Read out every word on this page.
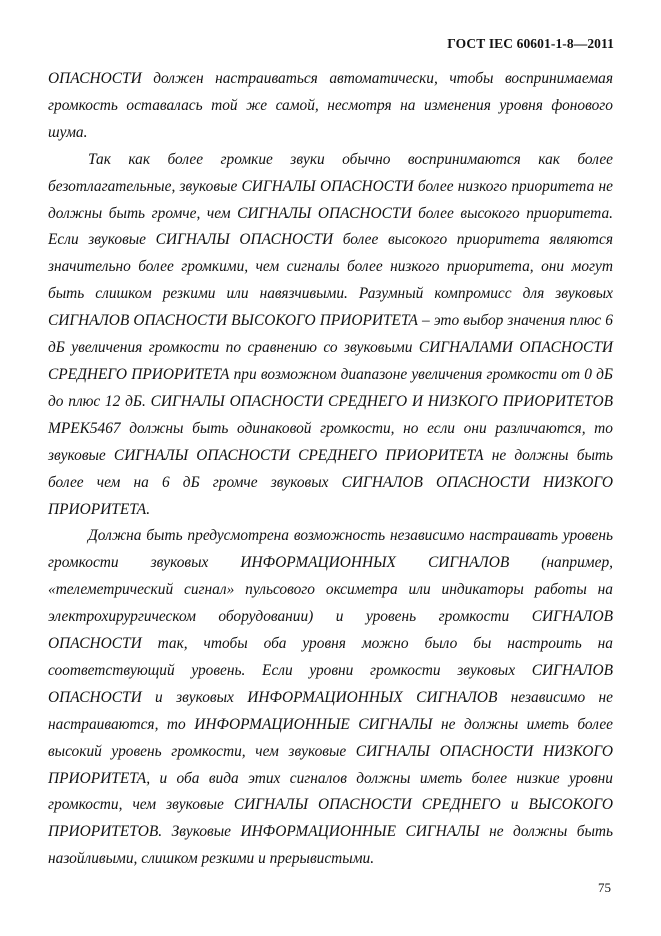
ГОСТ IEC 60601-1-8—2011

ОПАСНОСТИ должен настраиваться автоматически, чтобы воспринимаемая громкость оставалась той же самой, несмотря на изменения уровня фонового шума.

Так как более громкие звуки обычно воспринимаются как более безотлагательные, звуковые СИГНАЛЫ ОПАСНОСТИ более низкого приоритета не должны быть громче, чем СИГНАЛЫ ОПАСНОСТИ более высокого приоритета. Если звуковые СИГНАЛЫ ОПАСНОСТИ более высокого приоритета являются значительно более громкими, чем сигналы более низкого приоритета, они могут быть слишком резкими или навязчивыми. Разумный компромисс для звуковых СИГНАЛОВ ОПАСНОСТИ ВЫСОКОГО ПРИОРИТЕТА – это выбор значения плюс 6 дБ увеличения громкости по сравнению со звуковыми СИГНАЛАМИ ОПАСНОСТИ СРЕДНЕГО ПРИОРИТЕТА при возможном диапазоне увеличения громкости от 0 дБ до плюс 12 дБ. СИГНАЛЫ ОПАСНОСТИ СРЕДНЕГО И НИЗКОГО ПРИОРИТЕТОВ МРЕК5467 должны быть одинаковой громкости, но если они различаются, то звуковые СИГНАЛЫ ОПАСНОСТИ СРЕДНЕГО ПРИОРИТЕТА не должны быть более чем на 6 дБ громче звуковых СИГНАЛОВ ОПАСНОСТИ НИЗКОГО ПРИОРИТЕТА.

Должна быть предусмотрена возможность независимо настраивать уровень громкости звуковых ИНФОРМАЦИОННЫХ СИГНАЛОВ (например, «телеметрический сигнал» пульсового оксиметра или индикаторы работы на электрохирургическом оборудовании) и уровень громкости СИГНАЛОВ ОПАСНОСТИ так, чтобы оба уровня можно было бы настроить на соответствующий уровень. Если уровни громкости звуковых СИГНАЛОВ ОПАСНОСТИ и звуковых ИНФОРМАЦИОННЫХ СИГНАЛОВ независимо не настраиваются, то ИНФОРМАЦИОННЫЕ СИГНАЛЫ не должны иметь более высокий уровень громкости, чем звуковые СИГНАЛЫ ОПАСНОСТИ НИЗКОГО ПРИОРИТЕТА, и оба вида этих сигналов должны иметь более низкие уровни громкости, чем звуковые СИГНАЛЫ ОПАСНОСТИ СРЕДНЕГО и ВЫСОКОГО ПРИОРИТЕТОВ. Звуковые ИНФОРМАЦИОННЫЕ СИГНАЛЫ не должны быть назойливыми, слишком резкими и прерывистыми.

75
